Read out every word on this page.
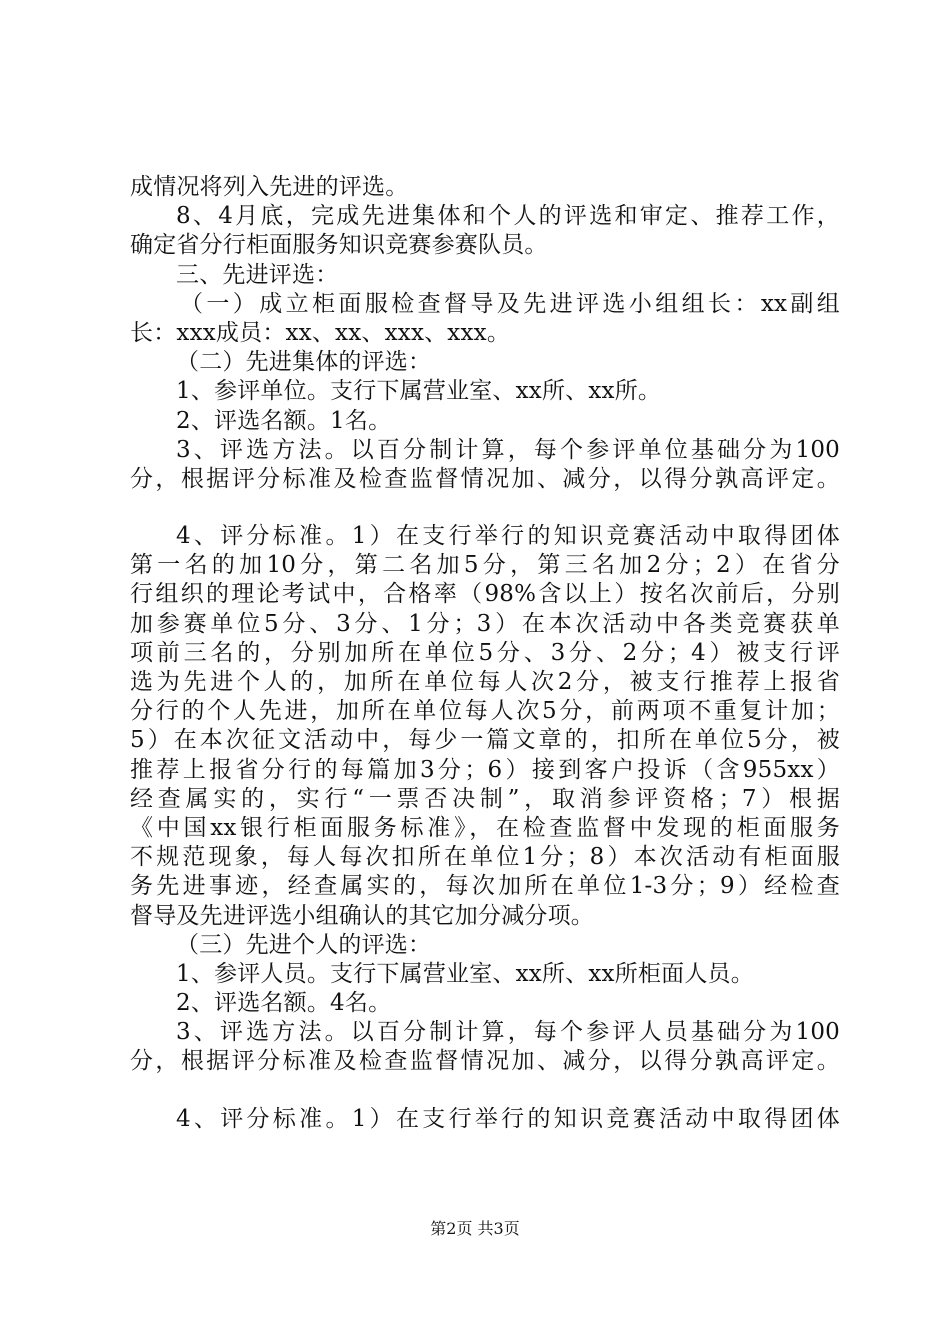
成情况将列入先进的评选。
8、4月底，完成先进集体和个人的评选和审定、推荐工作，
确定省分行柜面服务知识竞赛参赛队员。
三、先进评选：
（一）成立柜面服检查督导及先进评选小组组长：xx副组
长：xxx成员：xx、xx、xxx、xxx。
（二）先进集体的评选：
1、参评单位。支行下属营业室、xx所、xx所。
2、评选名额。1名。
3、评选方法。以百分制计算，每个参评单位基础分为100
分，根据评分标准及检查监督情况加、减分，以得分孰高评定。
4、评分标准。1）在支行举行的知识竞赛活动中取得团体
第一名的加10分，第二名加5分，第三名加2分；2）在省分
行组织的理论考试中，合格率（98%含以上）按名次前后，分别
加参赛单位5分、3分、1分；3）在本次活动中各类竞赛获单
项前三名的，分别加所在单位5分、3分、2分；4）被支行评
选为先进个人的，加所在单位每人次2分，被支行推荐上报省
分行的个人先进，加所在单位每人次5分，前两项不重复计加；
5）在本次征文活动中，每少一篇文章的，扣所在单位5分，被
推荐上报省分行的每篇加3分；6）接到客户投诉（含955xx）
经查属实的，实行“一票否决制”，取消参评资格；7）根据
《中国xx银行柜面服务标准》，在检查监督中发现的柜面服务
不规范现象，每人每次扣所在单位1分；8）本次活动有柜面服
务先进事迹，经查属实的，每次加所在单位1-3分；9）经检查
督导及先进评选小组确认的其它加分减分项。
（三）先进个人的评选：
1、参评人员。支行下属营业室、xx所、xx所柜面人员。
2、评选名额。4名。
3、评选方法。以百分制计算，每个参评人员基础分为100
分，根据评分标准及检查监督情况加、减分，以得分孰高评定。
4、评分标准。1）在支行举行的知识竞赛活动中取得团体
第2页 共3页
